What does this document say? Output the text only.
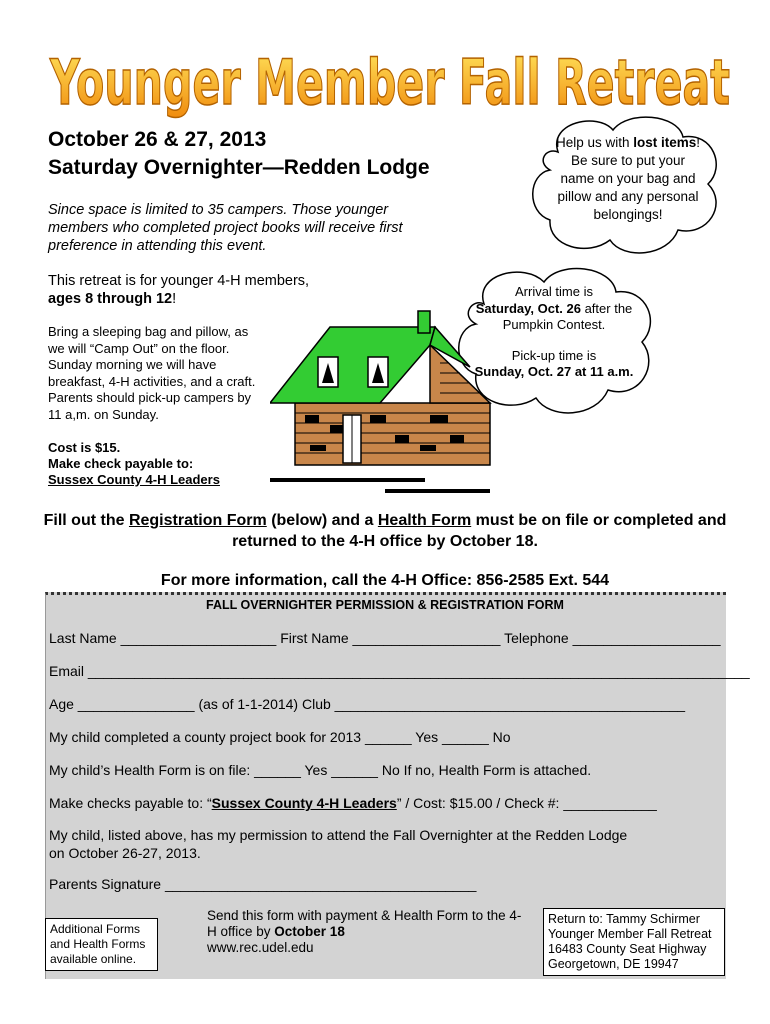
Younger Member Fall Retreat
October 26 & 27, 2013
Saturday Overnighter—Redden Lodge
Since space is limited to 35 campers. Those younger members who completed project books will receive first preference in attending this event.
This retreat is for younger 4-H members,
ages 8 through 12!
Bring a sleeping bag and pillow, as we will “Camp Out” on the floor. Sunday morning we will have breakfast, 4-H activities, and a craft. Parents should pick-up campers by 11 a,m. on Sunday.
Cost is $15.
Make check payable to:
Sussex County 4-H Leaders
Help us with lost items! Be sure to put your name on your bag and pillow and any personal belongings!
Arrival time is
Saturday, Oct. 26 after the Pumpkin Contest.
Pick-up time is
Sunday, Oct. 27 at 11 a.m.
Fill out the Registration Form (below) and a Health Form must be on file or completed and returned to the 4-H office by October 18.
For more information, call the 4-H Office: 856-2585 Ext. 544
FALL OVERNIGHTER PERMISSION & REGISTRATION FORM
Last Name ____________________ First Name ___________________ Telephone ___________________
Email _____________________________________________________________________________________
Age _______________ (as of 1-1-2014) Club _____________________________________________
My child completed a county project book for 2013 ______ Yes ______ No
My child’s Health Form is on file: ______ Yes ______ No If no, Health Form is attached.
Make checks payable to: “Sussex County 4-H Leaders” / Cost: $15.00 / Check #: ____________
My child, listed above, has my permission to attend the Fall Overnighter at the Redden Lodge
on October 26-27, 2013.
Parents Signature ________________________________________
Additional Forms and Health Forms available online.
Send this form with payment & Health Form to the 4-H office by October 18
www.rec.udel.edu
Return to: Tammy Schirmer
Younger Member Fall Retreat
16483 County Seat Highway
Georgetown, DE 19947
